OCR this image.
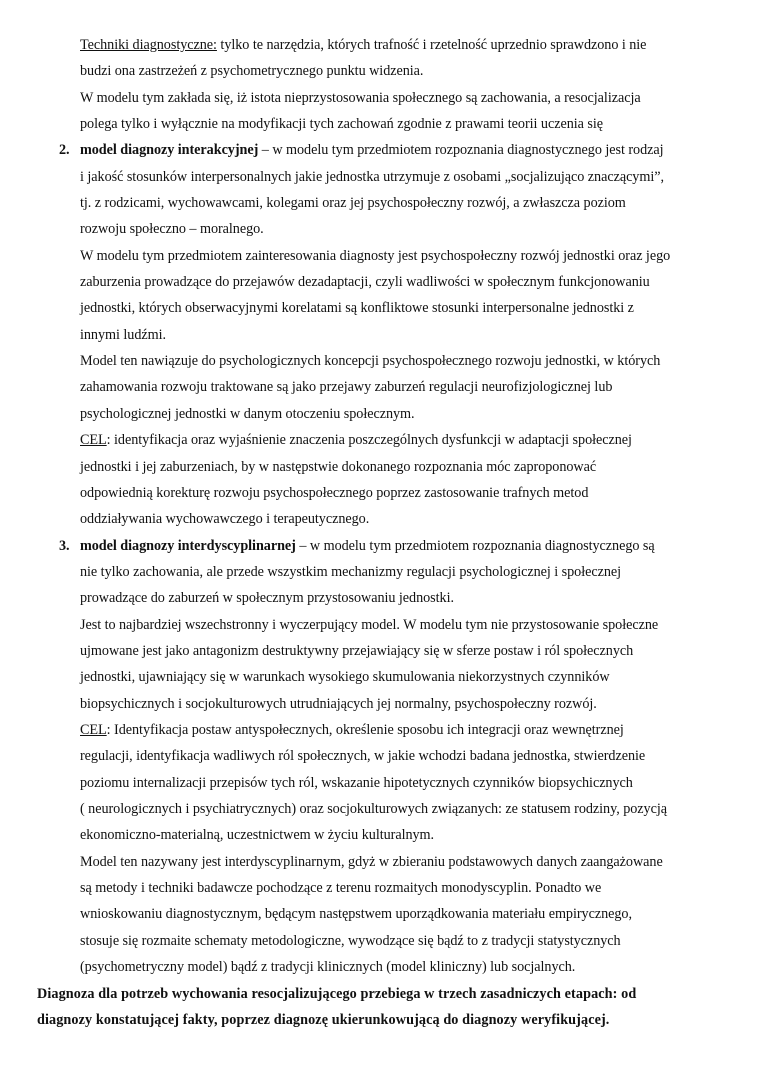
Techniki diagnostyczne: tylko te narzędzia, których trafność i rzetelność uprzednio sprawdzono i nie
budzi ona zastrzeżeń z psychometrycznego punktu widzenia.
W modelu tym zakłada się, iż istota nieprzystosowania społecznego są zachowania, a resocjalizacja
polega tylko i wyłącznie na modyfikacji tych zachowań zgodnie z prawami teorii uczenia się
2. model diagnozy interakcyjnej – w modelu tym przedmiotem rozpoznania diagnostycznego jest rodzaj
i jakość stosunków interpersonalnych jakie jednostka utrzymuje z osobami „socjalizująco znaczącymi”,
tj. z rodzicami, wychowawcami, kolegami oraz jej psychospołeczny rozwój, a zwłaszcza poziom
rozwoju społeczno – moralnego.
W modelu tym przedmiotem zainteresowania diagnosty jest psychospołeczny rozwój jednostki oraz jego
zaburzenia prowadzące do przejawów dezadaptacji, czyli wadliwości w społecznym funkcjonowaniu
jednostki, których obserwacyjnymi korelatami są konfliktowe stosunki interpersonalne jednostki z
innymi ludźmi.
Model ten nawiązuje do psychologicznych koncepcji psychospołecznego rozwoju jednostki, w których
zahamowania rozwoju traktowane są jako przejawy zaburzeń regulacji neurofizjologicznej lub
psychologicznej jednostki w danym otoczeniu społecznym.
CEL: identyfikacja oraz wyjaśnienie znaczenia poszczególnych dysfunkcji w adaptacji społecznej
jednostki i jej zaburzeniach, by w następstwie dokonanego rozpoznania móc zaproponować
odpowiednią korekturę rozwoju psychospołecznego poprzez zastosowanie trafnych metod
oddziaływania wychowawczego i terapeutycznego.
3. model diagnozy interdyscyplinarnej – w modelu tym przedmiotem rozpoznania diagnostycznego są
nie tylko zachowania, ale przede wszystkim mechanizmy regulacji psychologicznej i społecznej
prowadzące do zaburzeń w społecznym przystosowaniu jednostki.
Jest to najbardziej wszechstronny i wyczerpujący model. W modelu tym nie przystosowanie społeczne
ujmowane jest jako antagonizm destruktywny przejawiający się w sferze postaw i ról społecznych
jednostki, ujawniający się w warunkach wysokiego skumulowania niekorzystnych czynników
biopsychicznych i socjokulturowych utrudniających jej normalny, psychospołeczny rozwój.
CEL: Identyfikacja postaw antyspołecznych, określenie sposobu ich integracji oraz wewnętrznej
regulacji, identyfikacja wadliwych ról społecznych, w jakie wchodzi badana jednostka, stwierdzenie
poziomu internalizacji przepisów tych ról, wskazanie hipotetycznych czynników biopsychicznych
( neurologicznych i psychiatrycznych) oraz socjokulturowych związanych: ze statusem rodziny, pozycją
ekonomiczno-materialną, uczestnictwem w życiu kulturalnym.
Model ten nazywany jest interdyscyplinarnym, gdyż w zbieraniu podstawowych danych zaangażowane
są metody i techniki badawcze pochodzące z terenu rozmaitych monodyscyplin. Ponadto we
wnioskowaniu diagnostycznym, będącym następstwem uporządkowania materiału empirycznego,
stosuje się rozmaite schematy metodologiczne, wywodzące się bądź to z tradycji statystycznych
(psychometryczny model) bądź z tradycji klinicznych (model kliniczny) lub socjalnych.
Diagnoza dla potrzeb wychowania resocjalizującego przebiega w trzech zasadniczych etapach: od
diagnozy konstatującej fakty, poprzez diagnozę ukierunkowującą do diagnozy weryfikującej.
